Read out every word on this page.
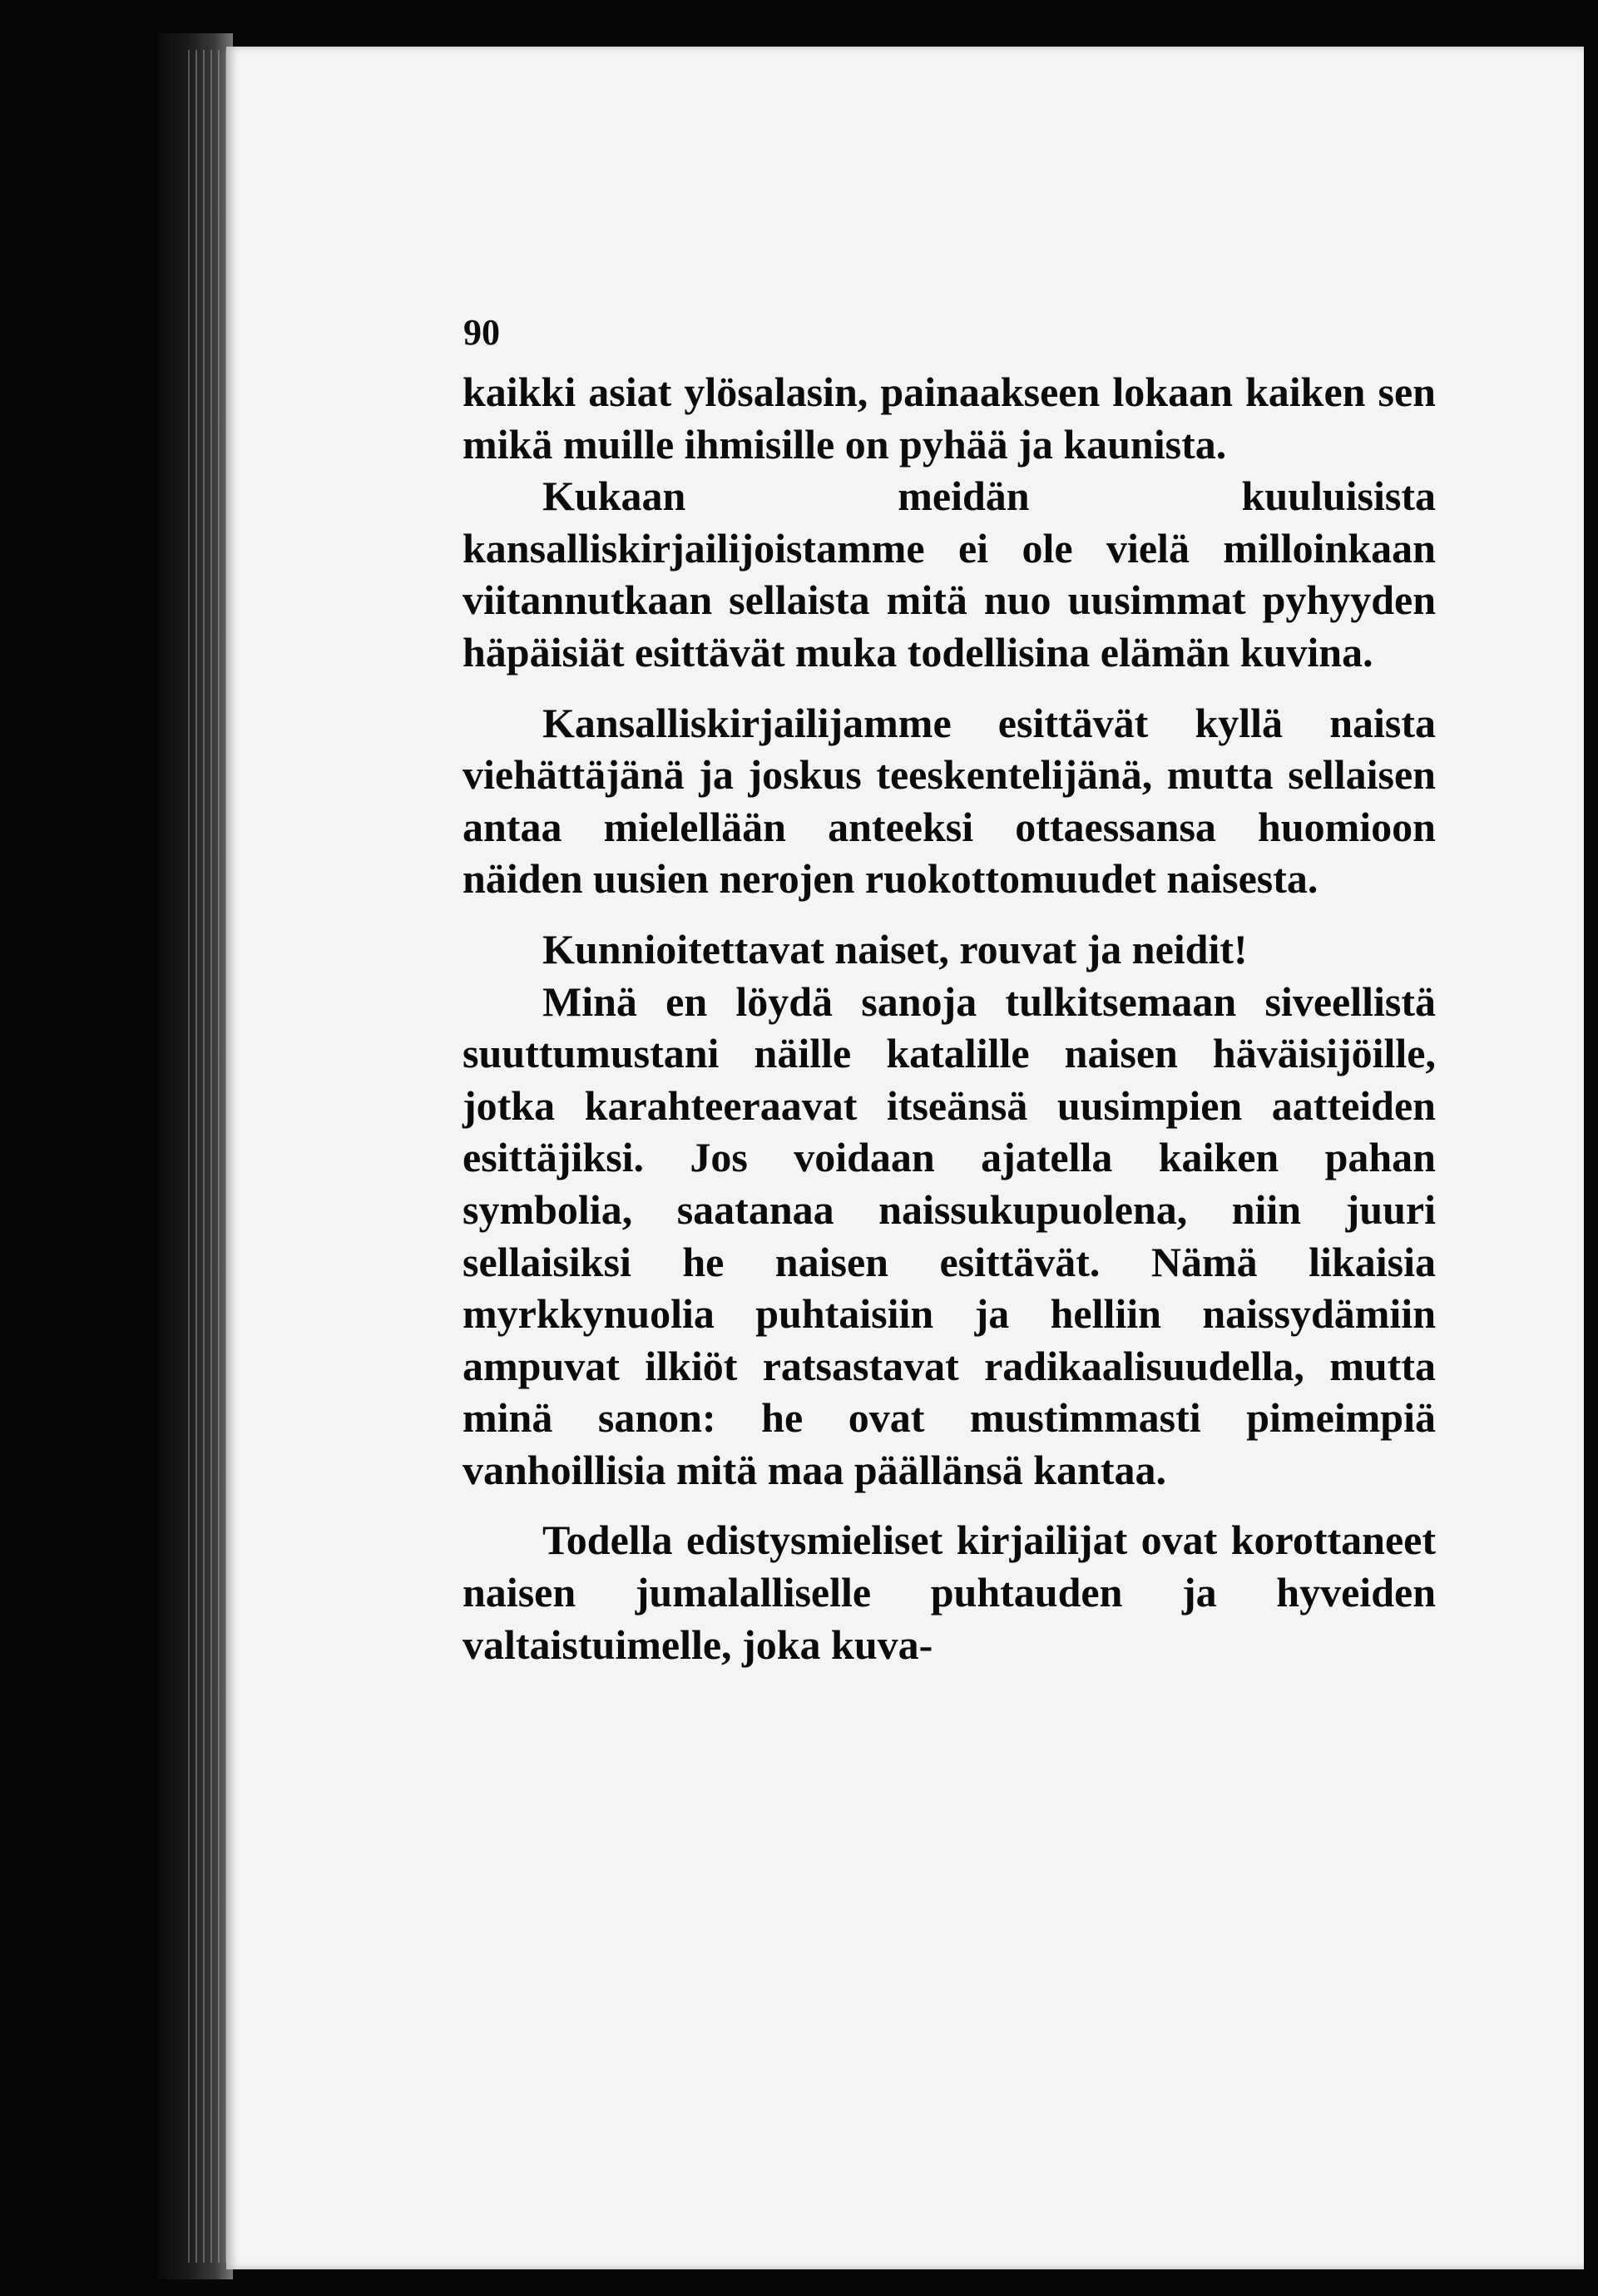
90

kaikki asiat ylösalasin, painaakseen lokaan kaiken sen mikä muille ihmisille on pyhää ja kaunista.

Kukaan meidän kuuluisista kansalliskirjailijoistamme ei ole vielä milloinkaan viitannutkaan sellaista mitä nuo uusimmat pyhyyden häpäisiät esittävät muka todellisina elämän kuvina.

Kansalliskirjailijamme esittävät kyllä naista viehättäjänä ja joskus teeskentelijänä, mutta sellaisen antaa mielellään anteeksi ottaessansa huomioon näiden uusien nerojen ruokottomuudet naisesta.

Kunnioitettavat naiset, rouvat ja neidit!

Minä en löydä sanoja tulkitsemaan siveellistä suuttumustani näille katalille naisen häväisijöille, jotka karahteeraavat itseänsä uusimpien aatteiden esittäjiksi. Jos voidaan ajatella kaiken pahan symbolia, saatanaa naissukupuolena, niin juuri sellaisiksi he naisen esittävät. Nämä likaisia myrkkynuolia puhtaisiin ja helliin naissydämiin ampuvat ilkiöt ratsastavat radikaalisuudella, mutta minä sanon: he ovat mustimmasti pimeimpiä vanhoillisia mitä maa päällänsä kantaa.

Todella edistysmieliset kirjailijat ovat korottaneet naisen jumalalliselle puhtauden ja hyveiden valtaistuimelle, joka kuva-
